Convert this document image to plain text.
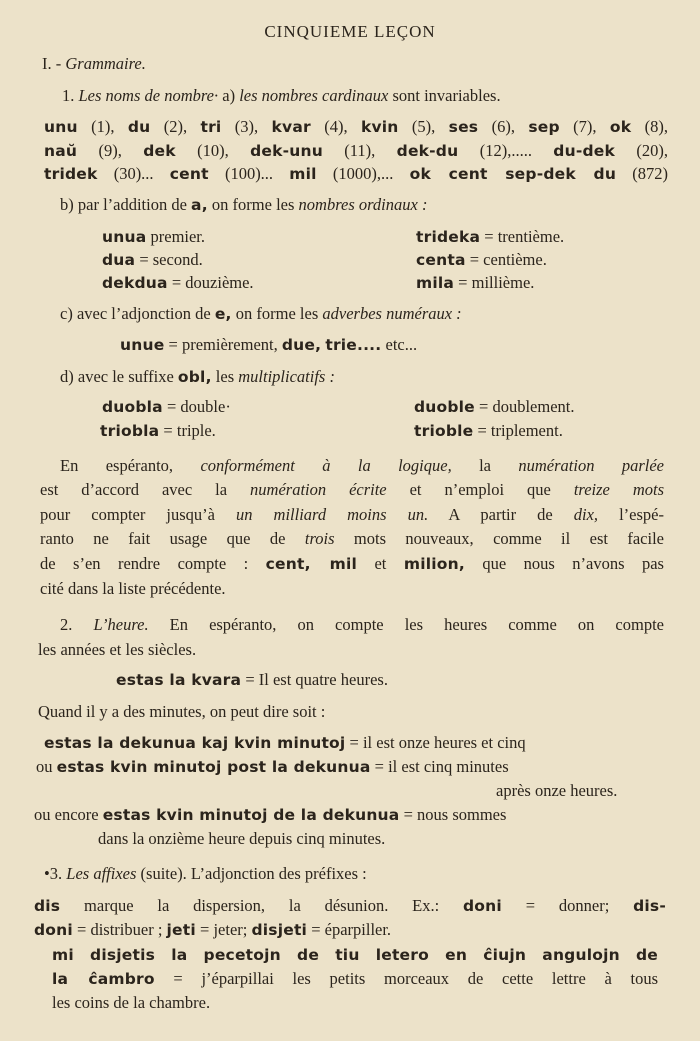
CINQUIEME LEÇON
I. - Grammaire.
1. Les noms de nombre· a) les nombres cardinaux sont invariables.
unu (1), du (2), tri (3), kvar (4), kvin (5), ses (6), sep (7), ok (8),
naŭ (9), dek (10), dek-unu (11), dek-du (12),..... du-dek (20),
tridek (30)... cent (100)... mil (1000),... ok cent sep-dek du (872)
b) par l’addition de a, on forme les nombres ordinaux :
unua premier.	trideka = trentième.
dua = second.	centa = centième.
dekdua = douzième.	mila = millième.
c) avec l’adjonction de e, on forme les adverbes numéraux :
unue = premièrement, due, trie.... etc...
d) avec le suffixe obl, les multiplicatifs :
duobla = double·	duoble = doublement.
triobla = triple.	trioble = triplement.
En espéranto, conformément à la logique, la numération parlée
est d’accord avec la numération écrite et n’emploi que treize mots
pour compter jusqu’à un milliard moins un. A partir de dix, l’espé-
ranto ne fait usage que de trois mots nouveaux, comme il est facile
de s’en rendre compte : cent, mil et milion, que nous n’avons pas
cité dans la liste précédente.
2. L’heure. En espéranto, on compte les heures comme on compte
les années et les siècles.
estas la kvara = Il est quatre heures.
Quand il y a des minutes, on peut dire soit :
estas la dekunua kaj kvin minutoj = il est onze heures et cinq
ou estas kvin minutoj post la dekunua = il est cinq minutes
après onze heures.
ou encore estas kvin minutoj de la dekunua = nous sommes
dans la onzième heure depuis cinq minutes.
•3. Les affixes (suite). L’adjonction des préfixes :
dis marque la dispersion, la désunion. Ex.: doni = donner; dis-
doni = distribuer ; jeti = jeter; disjeti = éparpiller.
mi disjetis la pecetojn de tiu letero en ĉiujn angulojn de
la ĉambro = j’éparpillai les petits morceaux de cette lettre à tous
les coins de la chambre.
